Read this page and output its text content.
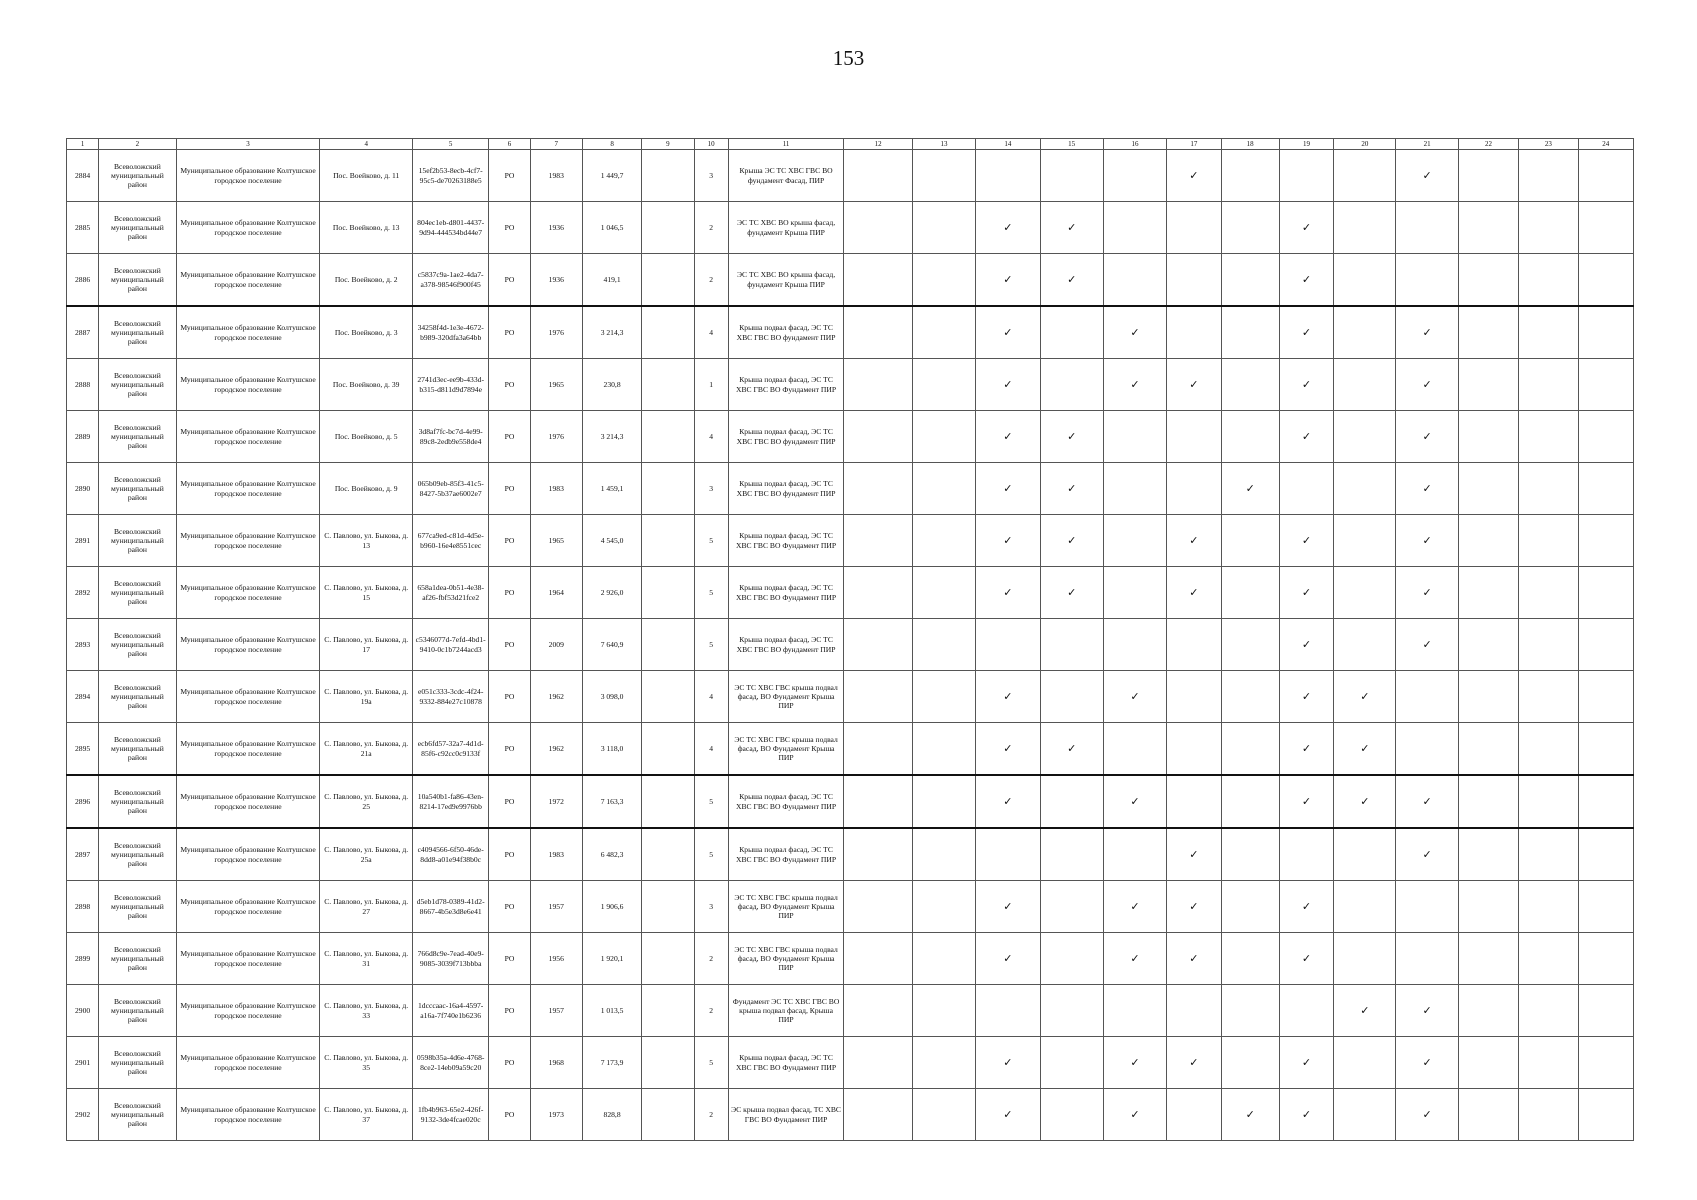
153
1	2	3	4	5	6	7	8	9	10	11	12	13	14	15	16	17	18	19	20	21	22	23	24
2884	Всеволожский муниципальный район	Муниципальное образование Колтушское городское поселение	Пос. Воейково, д. 11	15ef2b53-8ecb-4cf7-95c5-de70263188e5	РО	1983	1 449,7		3	Крыша ЭС ТС ХВС ГВС ВО фундамент Фасад, ПИР						✓				✓			
2885	Всеволожский муниципальный район	Муниципальное образование Колтушское городское поселение	Пос. Воейково, д. 13	804ec1eb-d801-4437-9d94-444534bd44e7	РО	1936	1 046,5		2	ЭС ТС ХВС ВО крыша фасад, фундамент Крыша ПИР			✓	✓				✓					
2886	Всеволожский муниципальный район	Муниципальное образование Колтушское городское поселение	Пос. Воейково, д. 2	c5837c9a-1ae2-4da7-a378-98546f900f45	РО	1936	419,1		2	ЭС ТС ХВС ВО крыша фасад, фундамент Крыша ПИР			✓	✓				✓					
2887	Всеволожский муниципальный район	Муниципальное образование Колтушское городское поселение	Пос. Воейково, д. 3	34258f4d-1e3e-4672-b989-320dfa3a64bb	РО	1976	3 214,3		4	Крыша подвал фасад, ЭС ТС ХВС ГВС ВО фундамент ПИР			✓		✓			✓		✓			
2888	Всеволожский муниципальный район	Муниципальное образование Колтушское городское поселение	Пос. Воейково, д. 39	2741d3ec-ee9b-433d-b315-d811d9d7894e	РО	1965	230,8		1	Крыша подвал фасад, ЭС ТС ХВС ГВС ВО Фундамент ПИР			✓		✓	✓		✓		✓			
2889	Всеволожский муниципальный район	Муниципальное образование Колтушское городское поселение	Пос. Воейково, д. 5	3d8af7fc-bc7d-4e99-89c8-2edb9e558de4	РО	1976	3 214,3		4	Крыша подвал фасад, ЭС ТС ХВС ГВС ВО фундамент ПИР			✓	✓				✓		✓			
2890	Всеволожский муниципальный район	Муниципальное образование Колтушское городское поселение	Пос. Воейково, д. 9	065b09eb-85f3-41c5-8427-5b37ae6002e7	РО	1983	1 459,1		3	Крыша подвал фасад, ЭС ТС ХВС ГВС ВО фундамент ПИР			✓	✓			✓			✓			
2891	Всеволожский муниципальный район	Муниципальное образование Колтушское городское поселение	С. Павлово, ул. Быкова, д. 13	677ca9ed-c81d-4d5e-b960-16e4e8551cec	РО	1965	4 545,0		5	Крыша подвал фасад, ЭС ТС ХВС ГВС ВО Фундамент ПИР			✓	✓		✓		✓		✓			
2892	Всеволожский муниципальный район	Муниципальное образование Колтушское городское поселение	С. Павлово, ул. Быкова, д. 15	658a1dea-0b51-4e38-af26-fbf53d21fce2	РО	1964	2 926,0		5	Крыша подвал фасад, ЭС ТС ХВС ГВС ВО Фундамент ПИР			✓	✓		✓		✓		✓			
2893	Всеволожский муниципальный район	Муниципальное образование Колтушское городское поселение	С. Павлово, ул. Быкова, д. 17	c5346077d-7efd-4bd1-9410-0c1b7244acd3	РО	2009	7 640,9		5	Крыша подвал фасад, ЭС ТС ХВС ГВС ВО фундамент ПИР								✓		✓			
2894	Всеволожский муниципальный район	Муниципальное образование Колтушское городское поселение	С. Павлово, ул. Быкова, д. 19а	e051c333-3cdc-4f24-9332-884e27c10878	РО	1962	3 098,0		4	ЭС ТС ХВС ГВС крыша подвал фасад, ВО Фундамент Крыша ПИР			✓		✓			✓	✓				
2895	Всеволожский муниципальный район	Муниципальное образование Колтушское городское поселение	С. Павлово, ул. Быкова, д. 21а	ecb6fd57-32a7-4d1d-85f6-c92cc0c9133f	РО	1962	3 118,0		4	ЭС ТС ХВС ГВС крыша подвал фасад, ВО Фундамент Крыша ПИР			✓	✓				✓	✓				
2896	Всеволожский муниципальный район	Муниципальное образование Колтушское городское поселение	С. Павлово, ул. Быкова, д. 25	10a540b1-fa86-43en-8214-17ed9e9976bb	РО	1972	7 163,3		5	Крыша подвал фасад, ЭС ТС ХВС ГВС ВО Фундамент ПИР			✓		✓			✓	✓	✓			
2897	Всеволожский муниципальный район	Муниципальное образование Колтушское городское поселение	С. Павлово, ул. Быкова, д. 25а	c4094566-6f50-46de-8dd8-a01e94f38b0c	РО	1983	6 482,3		5	Крыша подвал фасад, ЭС ТС ХВС ГВС ВО Фундамент ПИР						✓				✓			
2898	Всеволожский муниципальный район	Муниципальное образование Колтушское городское поселение	С. Павлово, ул. Быкова, д. 27	d5eb1d78-0389-41d2-8667-4b5e3d8e6e41	РО	1957	1 906,6		3	ЭС ТС ХВС ГВС крыша подвал фасад, ВО Фундамент Крыша ПИР			✓		✓	✓		✓					
2899	Всеволожский муниципальный район	Муниципальное образование Колтушское городское поселение	С. Павлово, ул. Быкова, д. 31	766d8c9e-7ead-40e9-9085-3039f713bbba	РО	1956	1 920,1		2	ЭС ТС ХВС ГВС крыша подвал фасад, ВО Фундамент Крыша ПИР			✓		✓	✓		✓					
2900	Всеволожский муниципальный район	Муниципальное образование Колтушское городское поселение	С. Павлово, ул. Быкова, д. 33	1dcccaac-16a4-4597-a16a-7f740e1b6236	РО	1957	1 013,5		2	Фундамент ЭС ТС ХВС ГВС ВО крыша подвал фасад, Крыша ПИР									✓	✓			
2901	Всеволожский муниципальный район	Муниципальное образование Колтушское городское поселение	С. Павлово, ул. Быкова, д. 35	0598b35a-4d6e-4768-8ce2-14eb09a59c20	РО	1968	7 173,9		5	Крыша подвал фасад, ЭС ТС ХВС ГВС ВО Фундамент ПИР			✓		✓	✓		✓		✓			
2902	Всеволожский муниципальный район	Муниципальное образование Колтушское городское поселение	С. Павлово, ул. Быкова, д. 37	1fb4b963-65e2-426f-9132-3de4fcae020c	РО	1973	828,8		2	ЭС крыша подвал фасад, ТС ХВС ГВС ВО Фундамент ПИР			✓		✓		✓	✓		✓			
